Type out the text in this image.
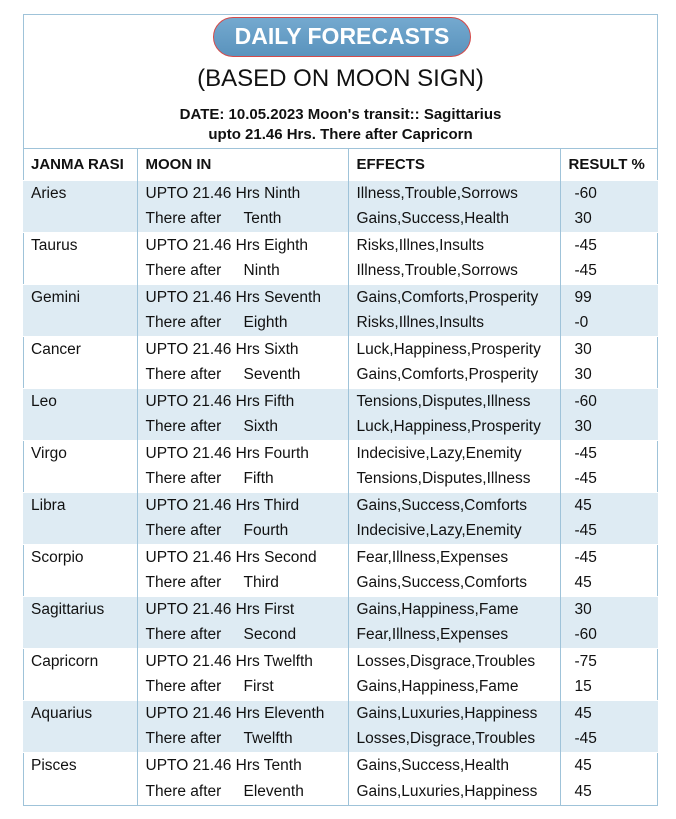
DAILY FORECASTS
(BASED ON MOON SIGN)
DATE: 10.05.2023 Moon's transit:: Sagittarius
upto 21.46 Hrs. There after Capricorn
JANMA RASI	MOON IN	EFFECTS	RESULT %
Aries	UPTO 21.46 Hrs Ninth	Illness,Trouble,Sorrows	-60
	There after Tenth	Gains,Success,Health	30
Taurus	UPTO 21.46 Hrs Eighth	Risks,Illnes,Insults	-45
	There after Ninth	Illness,Trouble,Sorrows	-45
Gemini	UPTO 21.46 Hrs Seventh	Gains,Comforts,Prosperity	99
	There after Eighth	Risks,Illnes,Insults	-0
Cancer	UPTO 21.46 Hrs Sixth	Luck,Happiness,Prosperity	30
	There after Seventh	Gains,Comforts,Prosperity	30
Leo	UPTO 21.46 Hrs Fifth	Tensions,Disputes,Illness	-60
	There after Sixth	Luck,Happiness,Prosperity	30
Virgo	UPTO 21.46 Hrs Fourth	Indecisive,Lazy,Enemity	-45
	There after Fifth	Tensions,Disputes,Illness	-45
Libra	UPTO 21.46 Hrs Third	Gains,Success,Comforts	45
	There after Fourth	Indecisive,Lazy,Enemity	-45
Scorpio	UPTO 21.46 Hrs Second	Fear,Illness,Expenses	-45
	There after Third	Gains,Success,Comforts	45
Sagittarius	UPTO 21.46 Hrs First	Gains,Happiness,Fame	30
	There after Second	Fear,Illness,Expenses	-60
Capricorn	UPTO 21.46 Hrs Twelfth	Losses,Disgrace,Troubles	-75
	There after First	Gains,Happiness,Fame	15
Aquarius	UPTO 21.46 Hrs Eleventh	Gains,Luxuries,Happiness	45
	There after Twelfth	Losses,Disgrace,Troubles	-45
Pisces	UPTO 21.46 Hrs Tenth	Gains,Success,Health	45
	There after Eleventh	Gains,Luxuries,Happiness	45
